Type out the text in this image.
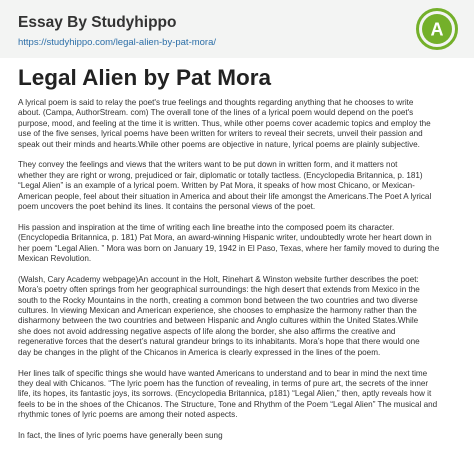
Essay By Studyhippo
https://studyhippo.com/legal-alien-by-pat-mora/
A
Legal Alien by Pat Mora

A lyrical poem is said to relay the poet's true feelings and thoughts regarding anything that he chooses to write
about. (Campa, AuthorStream. com) The overall tone of the lines of a lyrical poem would depend on the poet's
purpose, mood, and feeling at the time it is written. Thus, while other poems cover academic topics and employ the
use of the five senses, lyrical poems have been written for writers to reveal their secrets, unveil their passion and
speak out their minds and hearts.While other poems are objective in nature, lyrical poems are plainly subjective.

They convey the feelings and views that the writers want to be put down in written form, and it matters not
whether they are right or wrong, prejudiced or fair, diplomatic or totally tactless. (Encyclopedia Britannica, p. 181)
“Legal Alien” is an example of a lyrical poem. Written by Pat Mora, it speaks of how most Chicano, or Mexican-
American people, feel about their situation in America and about their life amongst the Americans.The Poet A lyrical
poem uncovers the poet behind its lines. It contains the personal views of the poet.

His passion and inspiration at the time of writing each line breathe into the composed poem its character.
(Encyclopedia Britannica, p. 181) Pat Mora, an award-winning Hispanic writer, undoubtedly wrote her heart down in
her poem “Legal Alien. ” Mora was born on January 19, 1942 in El Paso, Texas, where her family moved to during the
Mexican Revolution.

(Walsh, Cary Academy webpage)An account in the Holt, Rinehart & Winston website further describes the poet:
Mora’s poetry often springs from her geographical surroundings: the high desert that extends from Mexico in the
south to the Rocky Mountains in the north, creating a common bond between the two countries and two diverse
cultures. In viewing Mexican and American experience, she chooses to emphasize the harmony rather than the
disharmony between the two countries and between Hispanic and Anglo cultures within the United States.While
she does not avoid addressing negative aspects of life along the border, she also affirms the creative and
regenerative forces that the desert’s natural grandeur brings to its inhabitants. Mora’s hope that there would one
day be changes in the plight of the Chicanos in America is clearly expressed in the lines of the poem.

Her lines talk of specific things she would have wanted Americans to understand and to bear in mind the next time
they deal with Chicanos. “The lyric poem has the function of revealing, in terms of pure art, the secrets of the inner
life, its hopes, its fantastic joys, its sorrows. (Encyclopedia Britannica, p181) “Legal Alien,” then, aptly reveals how it
feels to be in the shoes of the Chicanos. The Structure, Tone and Rhythm of the Poem “Legal Alien” The musical and
rhythmic tones of lyric poems are among their noted aspects.

In fact, the lines of lyric poems have generally been sung
